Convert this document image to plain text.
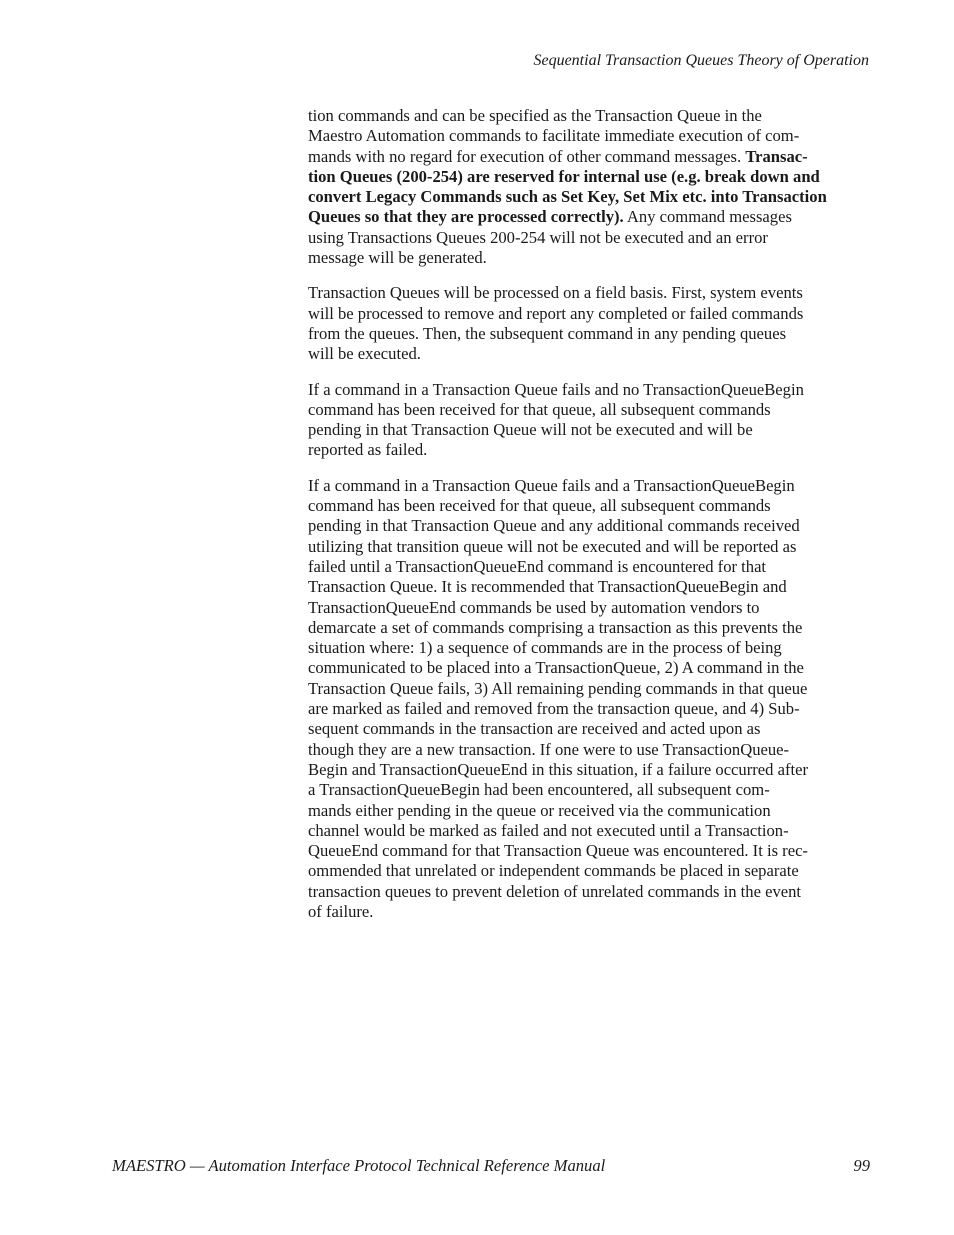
Sequential Transaction Queues Theory of Operation

tion commands and can be specified as the Transaction Queue in the
Maestro Automation commands to facilitate immediate execution of com-
mands with no regard for execution of other command messages. Transac-
tion Queues (200-254) are reserved for internal use (e.g. break down and
convert Legacy Commands such as Set Key, Set Mix etc. into Transaction
Queues so that they are processed correctly). Any command messages
using Transactions Queues 200-254 will not be executed and an error
message will be generated.

Transaction Queues will be processed on a field basis. First, system events
will be processed to remove and report any completed or failed commands
from the queues. Then, the subsequent command in any pending queues
will be executed.

If a command in a Transaction Queue fails and no TransactionQueueBegin
command has been received for that queue, all subsequent commands
pending in that Transaction Queue will not be executed and will be
reported as failed.

If a command in a Transaction Queue fails and a TransactionQueueBegin
command has been received for that queue, all subsequent commands
pending in that Transaction Queue and any additional commands received
utilizing that transition queue will not be executed and will be reported as
failed until a TransactionQueueEnd command is encountered for that
Transaction Queue. It is recommended that TransactionQueueBegin and
TransactionQueueEnd commands be used by automation vendors to
demarcate a set of commands comprising a transaction as this prevents the
situation where: 1) a sequence of commands are in the process of being
communicated to be placed into a TransactionQueue, 2) A command in the
Transaction Queue fails, 3) All remaining pending commands in that queue
are marked as failed and removed from the transaction queue, and 4) Sub-
sequent commands in the transaction are received and acted upon as
though they are a new transaction. If one were to use TransactionQueue-
Begin and TransactionQueueEnd in this situation, if a failure occurred after
a TransactionQueueBegin had been encountered, all subsequent com-
mands either pending in the queue or received via the communication
channel would be marked as failed and not executed until a Transaction-
QueueEnd command for that Transaction Queue was encountered. It is rec-
ommended that unrelated or independent commands be placed in separate
transaction queues to prevent deletion of unrelated commands in the event
of failure.

MAESTRO — Automation Interface Protocol Technical Reference Manual	99
